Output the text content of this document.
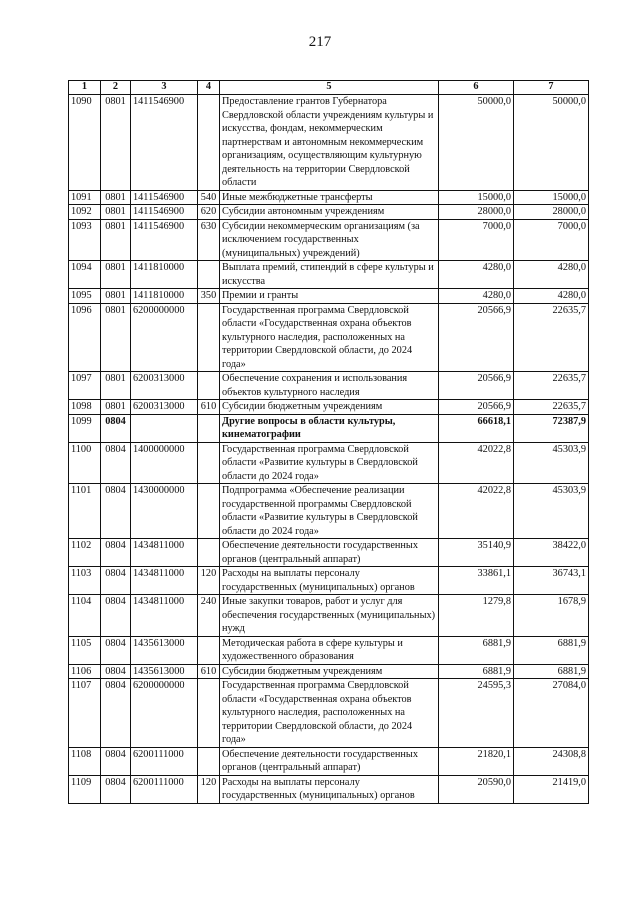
217
1	2	3	4	5	6	7
1090	0801	1411546900		Предоставление грантов Губернатора Свердловской области учреждениям культуры и искусства, фондам, некоммерческим партнерствам и автономным некоммерческим организациям, осуществляющим культурную деятельность на территории Свердловской области	50000,0	50000,0
1091	0801	1411546900	540	Иные межбюджетные трансферты	15000,0	15000,0
1092	0801	1411546900	620	Субсидии автономным учреждениям	28000,0	28000,0
1093	0801	1411546900	630	Субсидии некоммерческим организациям (за исключением государственных (муниципальных) учреждений)	7000,0	7000,0
1094	0801	1411810000		Выплата премий, стипендий в сфере культуры и искусства	4280,0	4280,0
1095	0801	1411810000	350	Премии и гранты	4280,0	4280,0
1096	0801	6200000000		Государственная программа Свердловской области «Государственная охрана объектов культурного наследия, расположенных на территории Свердловской области, до 2024 года»	20566,9	22635,7
1097	0801	6200313000		Обеспечение сохранения и использования объектов культурного наследия	20566,9	22635,7
1098	0801	6200313000	610	Субсидии бюджетным учреждениям	20566,9	22635,7
1099	0804			Другие вопросы в области культуры, кинематографии	66618,1	72387,9
1100	0804	1400000000		Государственная программа Свердловской области «Развитие культуры в Свердловской области до 2024 года»	42022,8	45303,9
1101	0804	1430000000		Подпрограмма «Обеспечение реализации государственной программы Свердловской области «Развитие культуры в Свердловской области до 2024 года»	42022,8	45303,9
1102	0804	1434811000		Обеспечение деятельности государственных органов (центральный аппарат)	35140,9	38422,0
1103	0804	1434811000	120	Расходы на выплаты персоналу государственных (муниципальных) органов	33861,1	36743,1
1104	0804	1434811000	240	Иные закупки товаров, работ и услуг для обеспечения государственных (муниципальных) нужд	1279,8	1678,9
1105	0804	1435613000		Методическая работа в сфере культуры и художественного образования	6881,9	6881,9
1106	0804	1435613000	610	Субсидии бюджетным учреждениям	6881,9	6881,9
1107	0804	6200000000		Государственная программа Свердловской области «Государственная охрана объектов культурного наследия, расположенных на территории Свердловской области, до 2024 года»	24595,3	27084,0
1108	0804	6200111000		Обеспечение деятельности государственных органов (центральный аппарат)	21820,1	24308,8
1109	0804	6200111000	120	Расходы на выплаты персоналу государственных (муниципальных) органов	20590,0	21419,0
